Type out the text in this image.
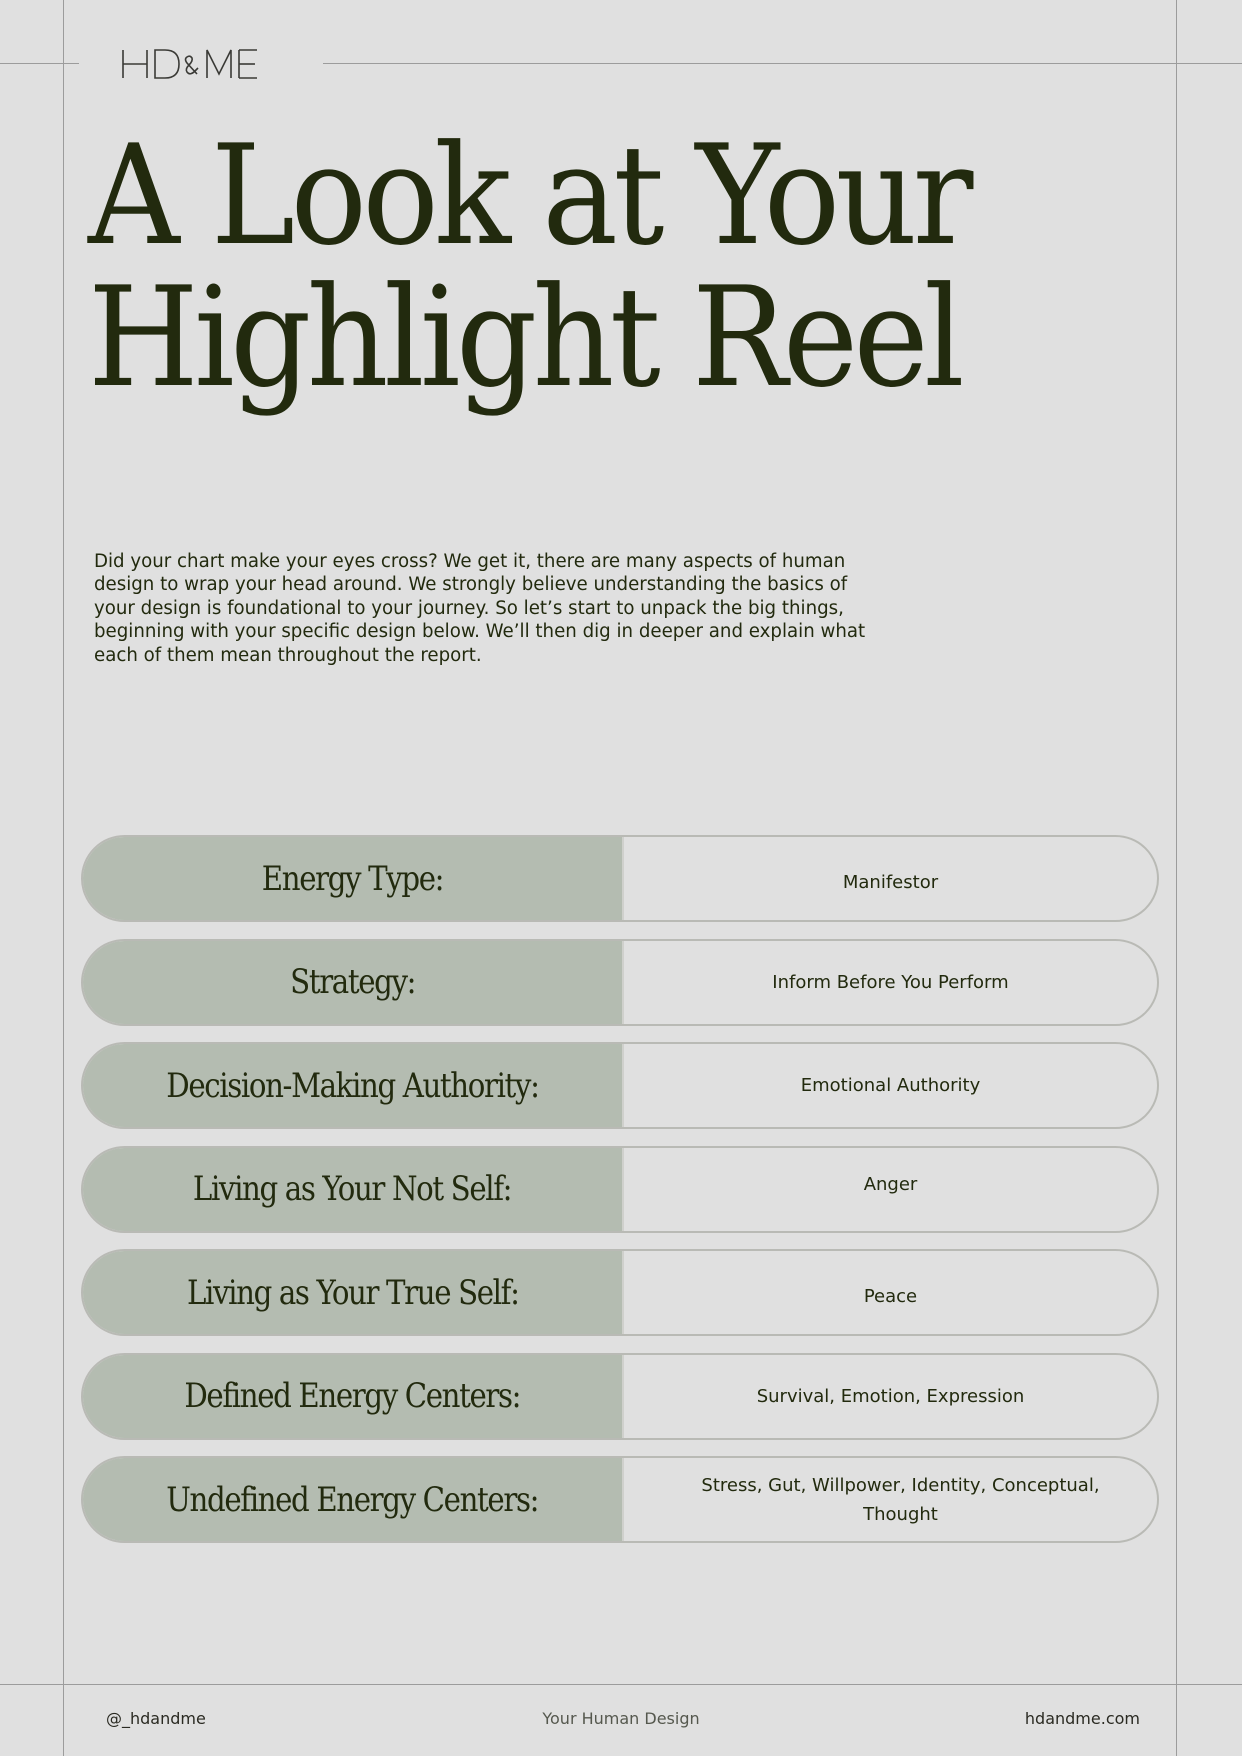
A Look at Your
Highlight Reel

Did your chart make your eyes cross? We get it, there are many aspects of human design to wrap your head around. We strongly believe understanding the basics of your design is foundational to your journey. So let’s start to unpack the big things, beginning with your specific design below. We’ll then dig in deeper and explain what each of them mean throughout the report.

Energy Type:	Manifestor
Strategy:	Inform Before You Perform
Decision-Making Authority:	Emotional Authority
Living as Your Not Self:	Anger
Living as Your True Self:	Peace
Defined Energy Centers:	Survival, Emotion, Expression
Undefined Energy Centers:	Stress, Gut, Willpower, Identity, Conceptual, Thought
@_hdandme	Your Human Design	hdandme.com
